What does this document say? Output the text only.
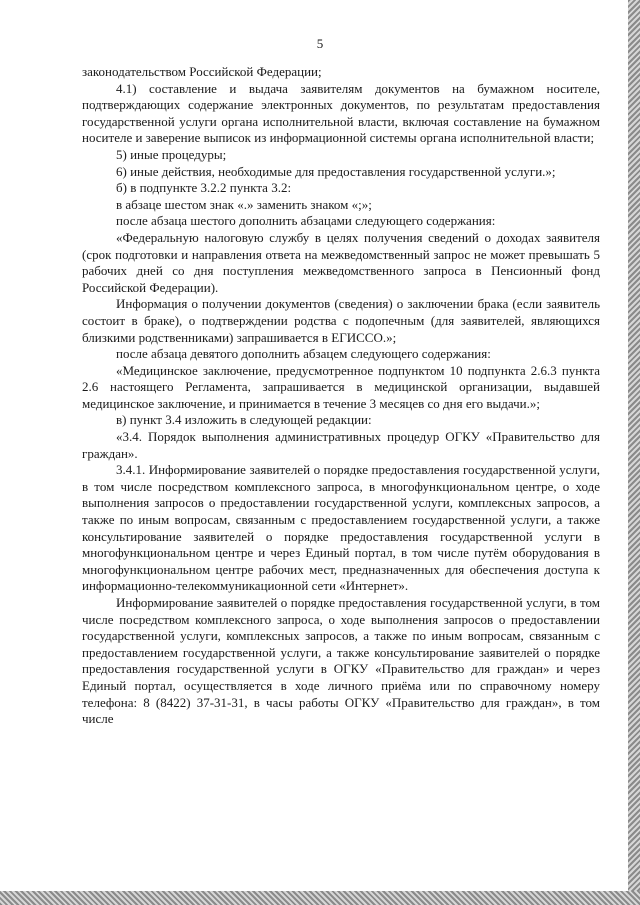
5

законодательством Российской Федерации;

4.1) составление и выдача заявителям документов на бумажном носителе, подтверждающих содержание электронных документов, по результатам предоставления государственной услуги органа исполнительной власти, включая составление на бумажном носителе и заверение выписок из информационной системы органа исполнительной власти;

5) иные процедуры;

6) иные действия, необходимые для предоставления государственной услуги.»;

б) в подпункте 3.2.2 пункта 3.2:

в абзаце шестом знак «.» заменить знаком «;»;

после абзаца шестого дополнить абзацами следующего содержания:

«Федеральную налоговую службу в целях получения сведений о доходах заявителя (срок подготовки и направления ответа на межведомственный запрос не может превышать 5 рабочих дней со дня поступления межведомственного запроса в Пенсионный фонд Российской Федерации).

Информация о получении документов (сведения) о заключении брака (если заявитель состоит в браке), о подтверждении родства с подопечным (для заявителей, являющихся близкими родственниками) запрашивается в ЕГИССО.»;

после абзаца девятого дополнить абзацем следующего содержания:

«Медицинское заключение, предусмотренное подпунктом 10 подпункта 2.6.3 пункта 2.6 настоящего Регламента, запрашивается в медицинской организации, выдавшей медицинское заключение, и принимается в течение 3 месяцев со дня его выдачи.»;

в) пункт 3.4 изложить в следующей редакции:

«3.4. Порядок выполнения административных процедур ОГКУ «Правительство для граждан».

3.4.1. Информирование заявителей о порядке предоставления государственной услуги, в том числе посредством комплексного запроса, в многофункциональном центре, о ходе выполнения запросов о предоставлении государственной услуги, комплексных запросов, а также по иным вопросам, связанным с предоставлением государственной услуги, а также консультирование заявителей о порядке предоставления государственной услуги в многофункциональном центре и через Единый портал, в том числе путём оборудования в многофункциональном центре рабочих мест, предназначенных для обеспечения доступа к информационно-телекоммуникационной сети «Интернет».

Информирование заявителей о порядке предоставления государственной услуги, в том числе посредством комплексного запроса, о ходе выполнения запросов о предоставлении государственной услуги, комплексных запросов, а также по иным вопросам, связанным с предоставлением государственной услуги, а также консультирование заявителей о порядке предоставления государственной услуги в ОГКУ «Правительство для граждан» и через Единый портал, осуществляется в ходе личного приёма или по справочному номеру телефона: 8 (8422) 37-31-31, в часы работы ОГКУ «Правительство для граждан», в том числе
